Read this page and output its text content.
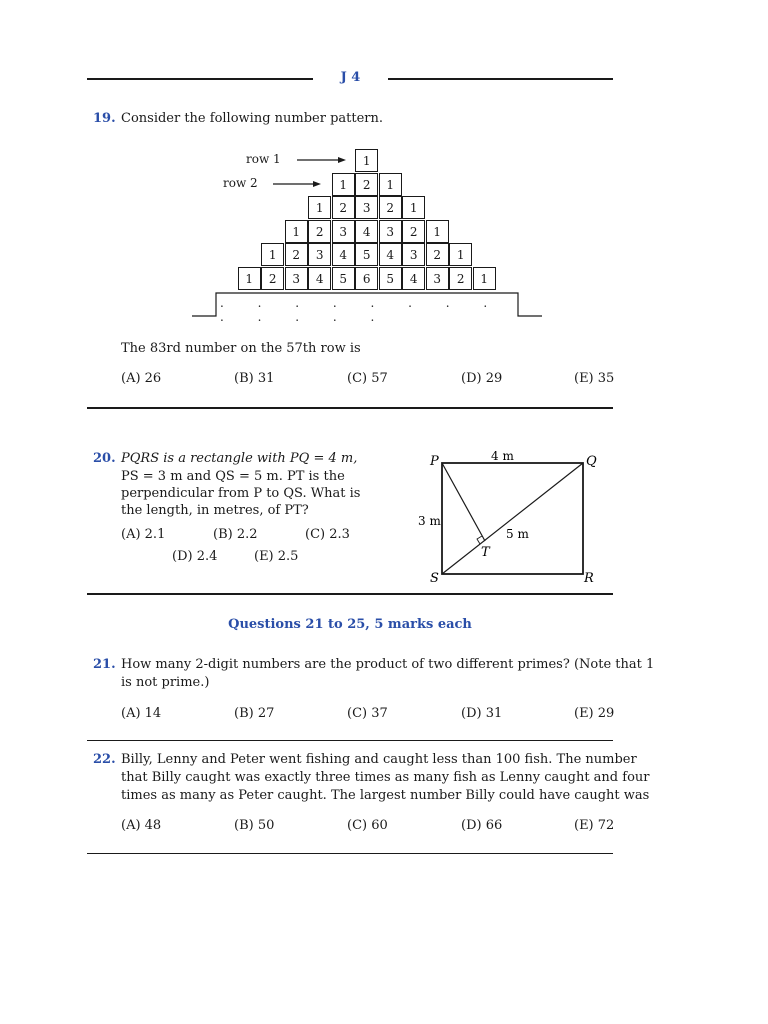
J 4
19. Consider the following number pattern.
row 1
row 2
1
1	2	1
1	2	3	2	1
1	2	3	4	3	2	1
1	2	3	4	5	4	3	2	1
1	2	3	4	5	6	5	4	3	2	1
. . . . . . . . . . . . .
The 83rd number on the 57th row is
(A) 26	(B) 31	(C) 57	(D) 29	(E) 35
20. PQRS is a rectangle with PQ = 4 m,
PS = 3 m and QS = 5 m. PT is the
perpendicular from P to QS. What is
the length, in metres, of PT?
(A) 2.1	(B) 2.2	(C) 2.3
(D) 2.4	(E) 2.5
P	Q
R
S
T
4 m
3 m
5 m
Questions 21 to 25, 5 marks each
21. How many 2-digit numbers are the product of two different primes? (Note that 1
is not prime.)
(A) 14	(B) 27	(C) 37	(D) 31	(E) 29
22. Billy, Lenny and Peter went fishing and caught less than 100 fish. The number
that Billy caught was exactly three times as many fish as Lenny caught and four
times as many as Peter caught. The largest number Billy could have caught was
(A) 48	(B) 50	(C) 60	(D) 66	(E) 72
